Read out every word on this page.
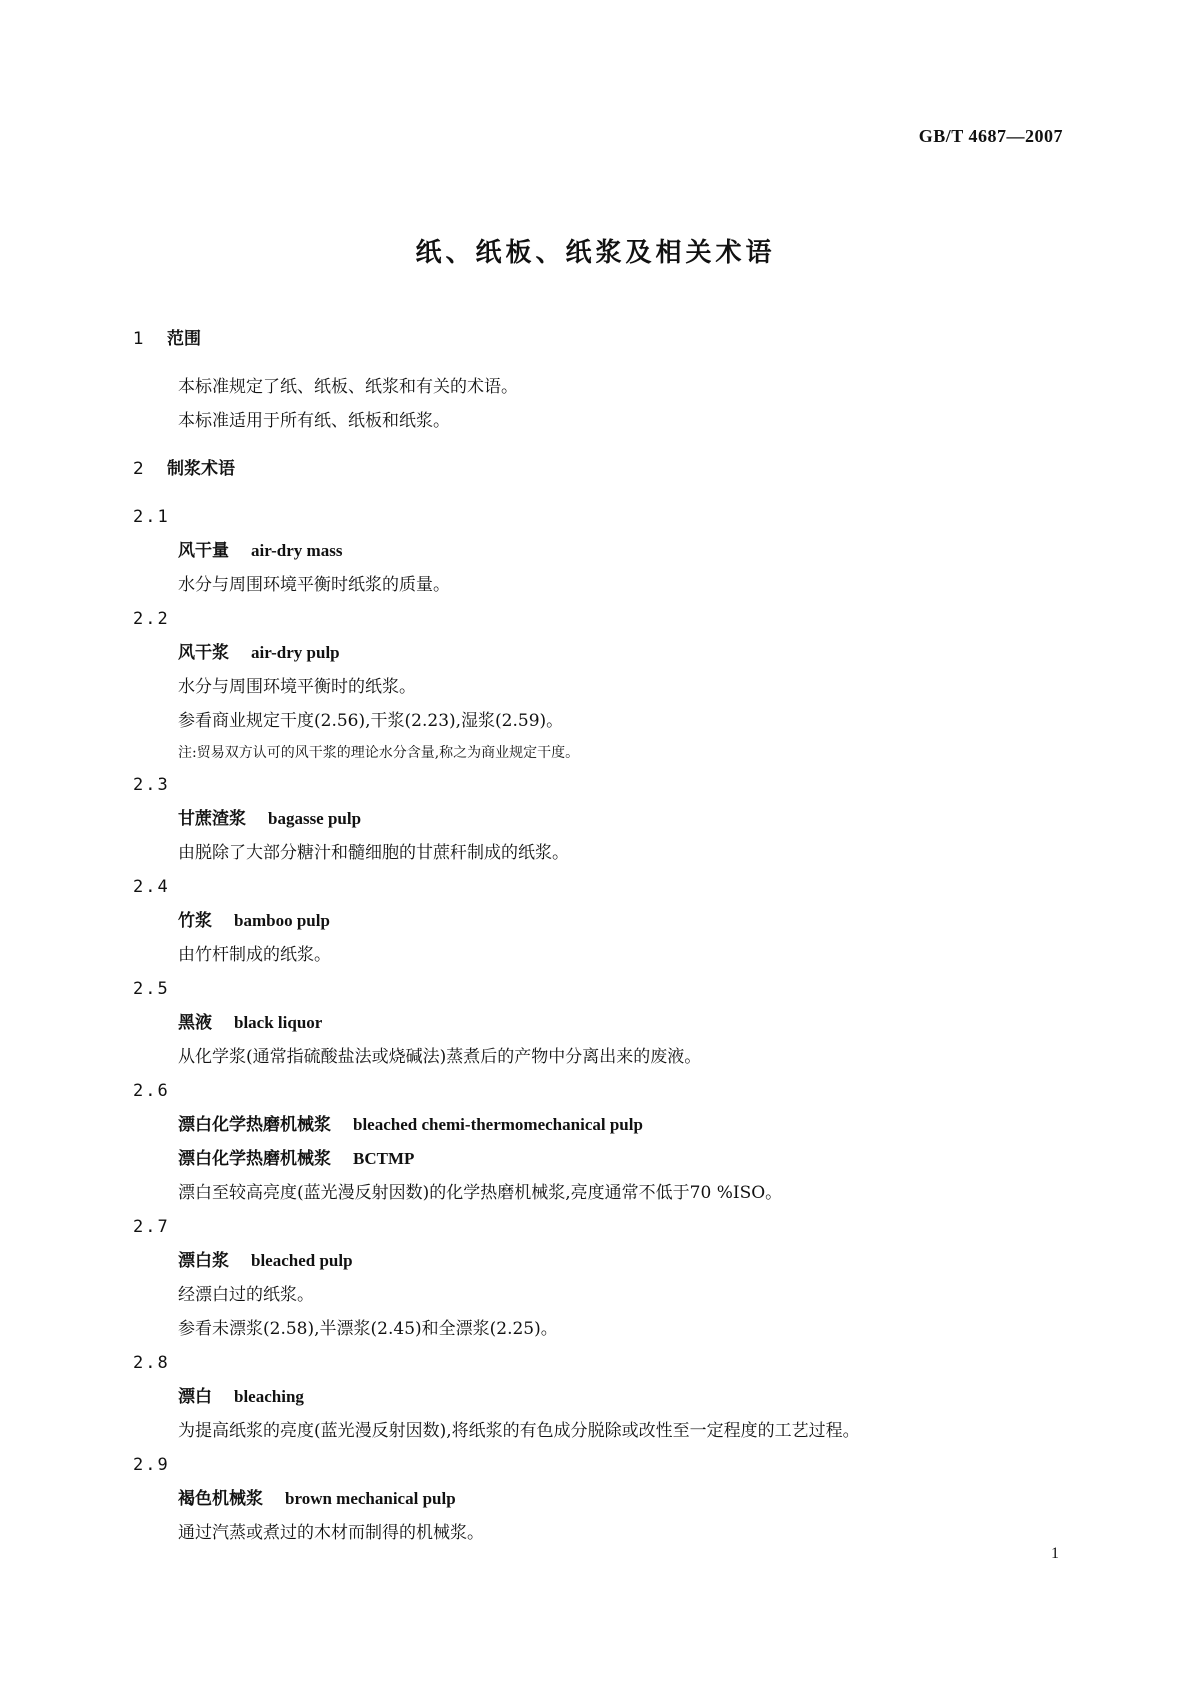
GB/T 4687—2007
纸、纸板、纸浆及相关术语
1 范围
本标准规定了纸、纸板、纸浆和有关的术语。
本标准适用于所有纸、纸板和纸浆。
2 制浆术语
2.1
风干量 air-dry mass
水分与周围环境平衡时纸浆的质量。
2.2
风干浆 air-dry pulp
水分与周围环境平衡时的纸浆。
参看商业规定干度(2.56),干浆(2.23),湿浆(2.59)。
注:贸易双方认可的风干浆的理论水分含量,称之为商业规定干度。
2.3
甘蔗渣浆 bagasse pulp
由脱除了大部分糖汁和髓细胞的甘蔗秆制成的纸浆。
2.4
竹浆 bamboo pulp
由竹杆制成的纸浆。
2.5
黑液 black liquor
从化学浆(通常指硫酸盐法或烧碱法)蒸煮后的产物中分离出来的废液。
2.6
漂白化学热磨机械浆 bleached chemi-thermomechanical pulp
漂白化学热磨机械浆 BCTMP
漂白至较高亮度(蓝光漫反射因数)的化学热磨机械浆,亮度通常不低于70 %ISO。
2.7
漂白浆 bleached pulp
经漂白过的纸浆。
参看未漂浆(2.58),半漂浆(2.45)和全漂浆(2.25)。
2.8
漂白 bleaching
为提高纸浆的亮度(蓝光漫反射因数),将纸浆的有色成分脱除或改性至一定程度的工艺过程。
2.9
褐色机械浆 brown mechanical pulp
通过汽蒸或煮过的木材而制得的机械浆。
1
